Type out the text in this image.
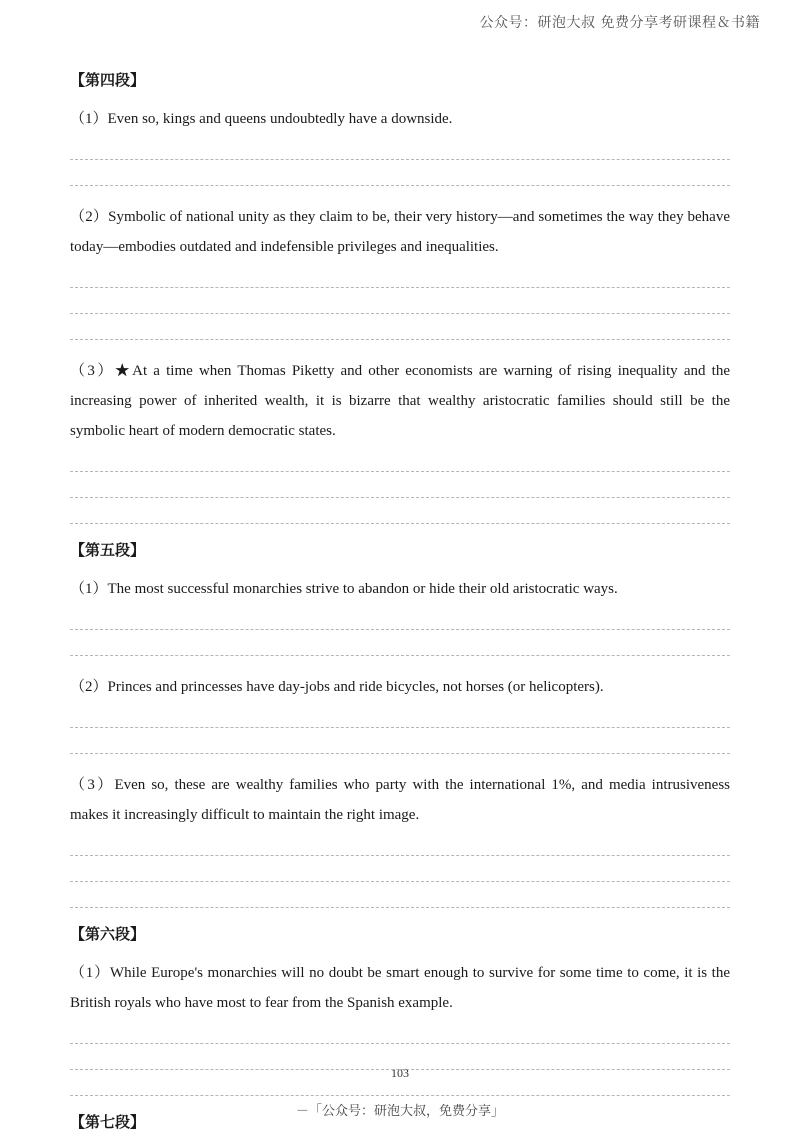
公众号：研泡大叔 免费分享考研课程＆书籍
【第四段】

（1）Even so, kings and queens undoubtedly have a downside.

（2）Symbolic of national unity as they claim to be, their very history—and sometimes the way they behave today—embodies outdated and indefensible privileges and inequalities.

（3）★At a time when Thomas Piketty and other economists are warning of rising inequality and the increasing power of inherited wealth, it is bizarre that wealthy aristocratic families should still be the symbolic heart of modern democratic states.

【第五段】

（1）The most successful monarchies strive to abandon or hide their old aristocratic ways.

（2）Princes and princesses have day-jobs and ride bicycles, not horses (or helicopters).

（3）Even so, these are wealthy families who party with the international 1%, and media intrusiveness makes it increasingly difficult to maintain the right image.

【第六段】

（1）While Europe's monarchies will no doubt be smart enough to survive for some time to come, it is the British royals who have most to fear from the Spanish example.

【第七段】
103
－「公众号：研泡大叔，免费分享」
